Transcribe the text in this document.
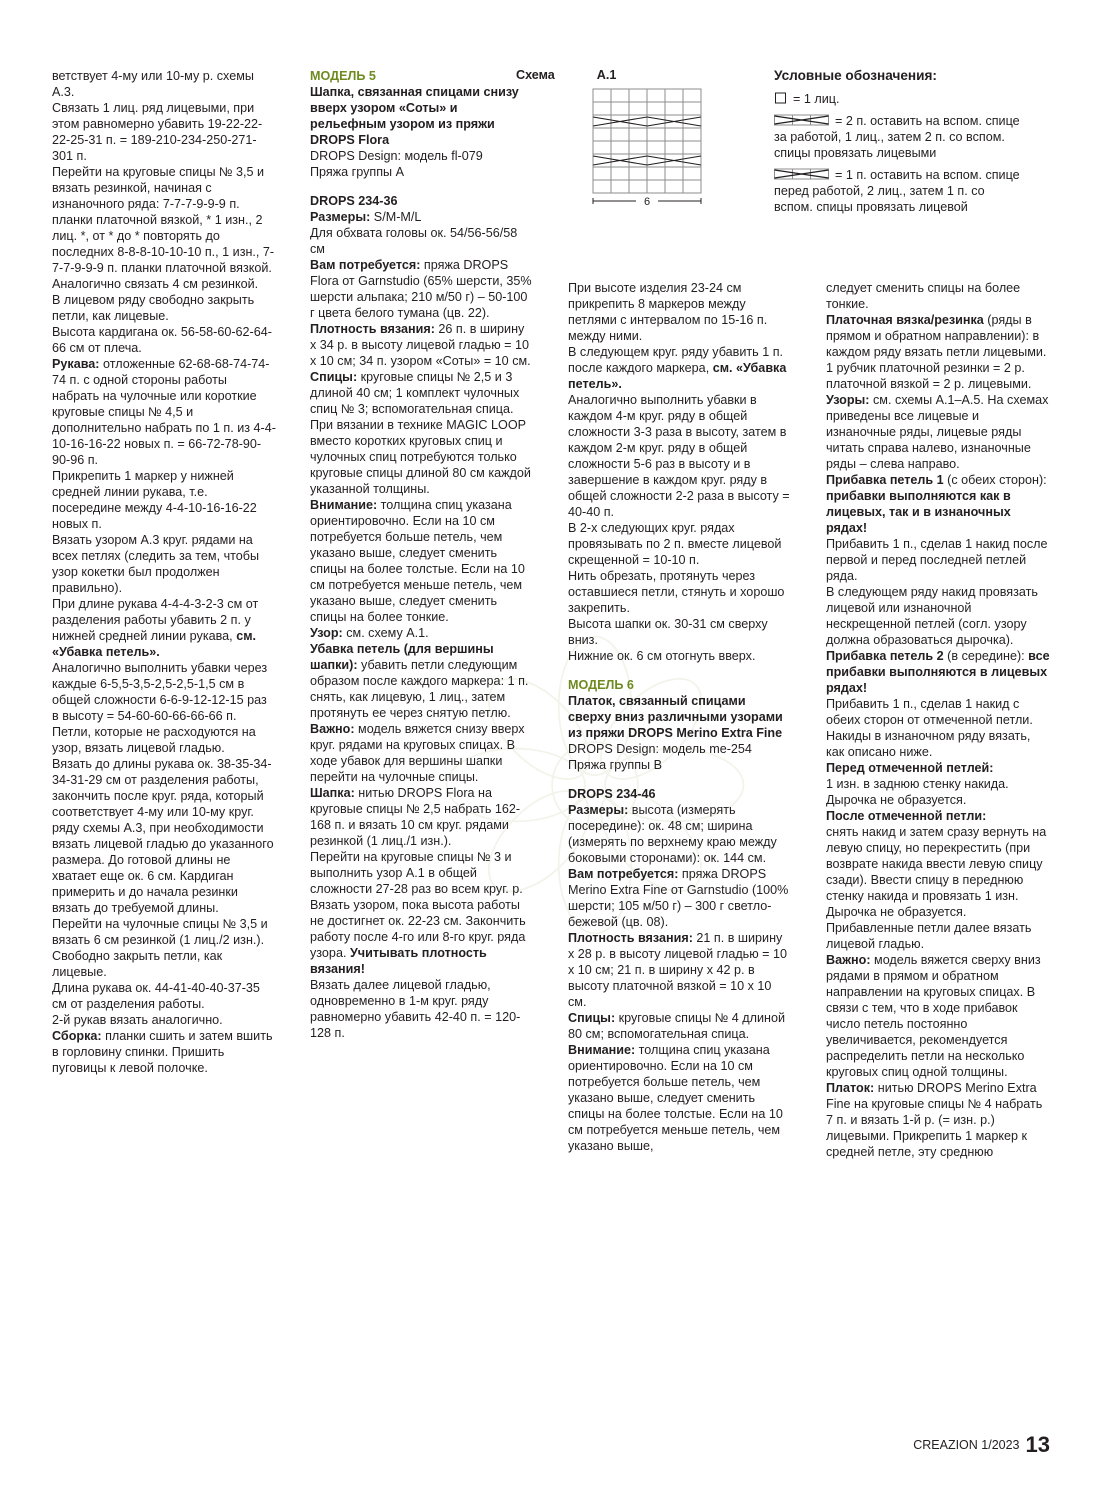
Схема	A.1
6
Условные обозначения:
= 1 лиц.
= 2 п. оставить на вспом. спице за работой, 1 лиц., затем 2 п. со вспом. спицы провязать лицевыми
= 1 п. оставить на вспом. спице перед работой, 2 лиц., затем 1 п. со вспом. спицы провязать лицевой

ветствует 4-му или 10-му р. схемы А.3.

Связать 1 лиц. ряд лицевыми, при этом равномерно убавить 19-22-22-22-25-31 п. = 189-210-234-250-271-301 п.

Перейти на круговые спицы № 3,5 и вязать резинкой, начиная с изнаночного ряда: 7-7-7-9-9-9 п. планки платочной вязкой, * 1 изн., 2 лиц. *, от * до * повторять до последних 8-8-8-10-10-10 п., 1 изн., 7-7-7-9-9-9 п. планки платочной вязкой. Аналогично связать 4 см резинкой.

В лицевом ряду свободно закрыть петли, как лицевые.

Высота кардигана ок. 56-58-60-62-64-66 см от плеча.

Рукава: отложенные 62-68-68-74-74-74 п. с одной стороны работы набрать на чулочные или короткие круговые спицы № 4,5 и дополнительно набрать по 1 п. из 4-4-10-16-16-22 новых п. = 66-72-78-90-90-96 п.

Прикрепить 1 маркер у нижней средней линии рукава, т.е. посередине между 4-4-10-16-16-22 новых п.

Вязать узором А.3 круг. рядами на всех петлях (следить за тем, чтобы узор кокетки был продолжен правильно).

При длине рукава 4-4-4-3-2-3 см от разделения работы убавить 2 п. у нижней средней линии рукава, см. «Убавка петель».

Аналогично выполнить убавки через каждые 6-5,5-3,5-2,5-2,5-1,5 см в общей сложности 6-6-9-12-12-15 раз в высоту = 54-60-60-66-66-66 п. Петли, которые не расходуются на узор, вязать лицевой гладью.

Вязать до длины рукава ок. 38-35-34-34-31-29 см от разделения работы, закончить после круг. ряда, который соответствует 4-му или 10-му круг. ряду схемы А.3, при необходимости вязать лицевой гладью до указанного размера. До готовой длины не хватает еще ок. 6 см. Кардиган примерить и до начала резинки вязать до требуемой длины.

Перейти на чулочные спицы № 3,5 и вязать 6 см резинкой (1 лиц./2 изн.).

Свободно закрыть петли, как лицевые.

Длина рукава ок. 44-41-40-40-37-35 см от разделения работы.

2-й рукав вязать аналогично.

Сборка: планки сшить и затем вшить в горловину спинки. Пришить пуговицы к левой полочке.

МОДЕЛЬ 5

Шапка, связанная спицами снизу вверх узором «Соты» и рельефным узором из пряжи DROPS Flora

DROPS Design: модель fl-079

Пряжа группы А

DROPS 234-36

Размеры: S/M-M/L

Для обхвата головы ок. 54/56-56/58 см

Вам потребуется: пряжа DROPS Flora от Garnstudio (65% шерсти, 35% шерсти альпака; 210 м/50 г) – 50-100 г цвета белого тумана (цв. 22).

Плотность вязания: 26 п. в ширину х 34 р. в высоту лицевой гладью = 10 х 10 см; 34 п. узором «Соты» = 10 см.

Спицы: круговые спицы № 2,5 и 3 длиной 40 см; 1 комплект чулочных спиц № 3; вспомогательная спица.

При вязании в технике MAGIC LOOP вместо коротких круговых спиц и чулочных спиц потребуются только круговые спицы длиной 80 см каждой указанной толщины.

Внимание: толщина спиц указана ориентировочно. Если на 10 см потребуется больше петель, чем указано выше, следует сменить спицы на более толстые. Если на 10 см потребуется меньше петель, чем указано выше, следует сменить спицы на более тонкие.

Узор: см. схему А.1.

Убавка петель (для вершины шапки): убавить петли следующим образом после каждого маркера: 1 п. снять, как лицевую, 1 лиц., затем протянуть ее через снятую петлю.

Важно: модель вяжется снизу вверх круг. рядами на круговых спицах. В ходе убавок для вершины шапки перейти на чулочные спицы.

Шапка: нитью DROPS Flora на круговые спицы № 2,5 набрать 162-168 п. и вязать 10 см круг. рядами резинкой (1 лиц./1 изн.).

Перейти на круговые спицы № 3 и выполнить узор А.1 в общей сложности 27-28 раз во всем круг. р.

Вязать узором, пока высота работы не достигнет ок. 22-23 см. Закончить работу после 4-го или 8-го круг. ряда узора. Учитывать плотность вязания!

Вязать далее лицевой гладью, одновременно в 1-м круг. ряду равномерно убавить 42-40 п. = 120-128 п.

При высоте изделия 23-24 см прикрепить 8 маркеров между петлями с интервалом по 15-16 п. между ними.

В следующем круг. ряду убавить 1 п. после каждого маркера, см. «Убавка петель».

Аналогично выполнить убавки в каждом 4-м круг. ряду в общей сложности 3-3 раза в высоту, затем в каждом 2-м круг. ряду в общей сложности 5-6 раз в высоту и в завершение в каждом круг. ряду в общей сложности 2-2 раза в высоту = 40-40 п.

В 2-х следующих круг. рядах провязывать по 2 п. вместе лицевой скрещенной = 10-10 п.

Нить обрезать, протянуть через оставшиеся петли, стянуть и хорошо закрепить.

Высота шапки ок. 30-31 см сверху вниз.

Нижние ок. 6 см отогнуть вверх.

МОДЕЛЬ 6

Платок, связанный спицами сверху вниз различными узорами из пряжи DROPS Merino Extra Fine

DROPS Design: модель me-254

Пряжа группы B

DROPS 234-46

Размеры: высота (измерять посередине): ок. 48 см; ширина (измерять по верхнему краю между боковыми сторонами): ок. 144 см.

Вам потребуется: пряжа DROPS Merino Extra Fine от Garnstudio (100% шерсти; 105 м/50 г) – 300 г светло-бежевой (цв. 08).

Плотность вязания: 21 п. в ширину х 28 р. в высоту лицевой гладью = 10 х 10 см; 21 п. в ширину х 42 р. в высоту платочной вязкой = 10 х 10 см.

Спицы: круговые спицы № 4 длиной 80 см; вспомогательная спица.

Внимание: толщина спиц указана ориентировочно. Если на 10 см потребуется больше петель, чем указано выше, следует сменить спицы на более толстые. Если на 10 см потребуется меньше петель, чем указано выше,

следует сменить спицы на более тонкие.

Платочная вязка/резинка (ряды в прямом и обратном направлении): в каждом ряду вязать петли лицевыми.

1 рубчик платочной резинки = 2 р. платочной вязкой = 2 р. лицевыми.

Узоры: см. схемы А.1–А.5. На схемах приведены все лицевые и изнаночные ряды, лицевые ряды читать справа налево, изнаночные ряды – слева направо.

Прибавка петель 1 (с обеих сторон): прибавки выполняются как в лицевых, так и в изнаночных рядах!

Прибавить 1 п., сделав 1 накид после первой и перед последней петлей ряда.

В следующем ряду накид провязать лицевой или изнаночной нескрещенной петлей (согл. узору должна образоваться дырочка).

Прибавка петель 2 (в середине): все прибавки выполняются в лицевых рядах!

Прибавить 1 п., сделав 1 накид с обеих сторон от отмеченной петли.

Накиды в изнаночном ряду вязать, как описано ниже.

Перед отмеченной петлей:

1 изн. в заднюю стенку накида. Дырочка не образуется.

После отмеченной петли:

снять накид и затем сразу вернуть на левую спицу, но перекрестить (при возврате накида ввести левую спицу сзади). Ввести спицу в переднюю стенку накида и провязать 1 изн. Дырочка не образуется.

Прибавленные петли далее вязать лицевой гладью.

Важно: модель вяжется сверху вниз рядами в прямом и обратном направлении на круговых спицах. В связи с тем, что в ходе прибавок число петель постоянно увеличивается, рекомендуется распределить петли на несколько круговых спиц одной толщины.

Платок: нитью DROPS Merino Extra Fine на круговые спицы № 4 набрать 7 п. и вязать 1-й р. (= изн. р.) лицевыми. Прикрепить 1 маркер к средней петле, эту среднюю

CREAZION 1/2023 13
